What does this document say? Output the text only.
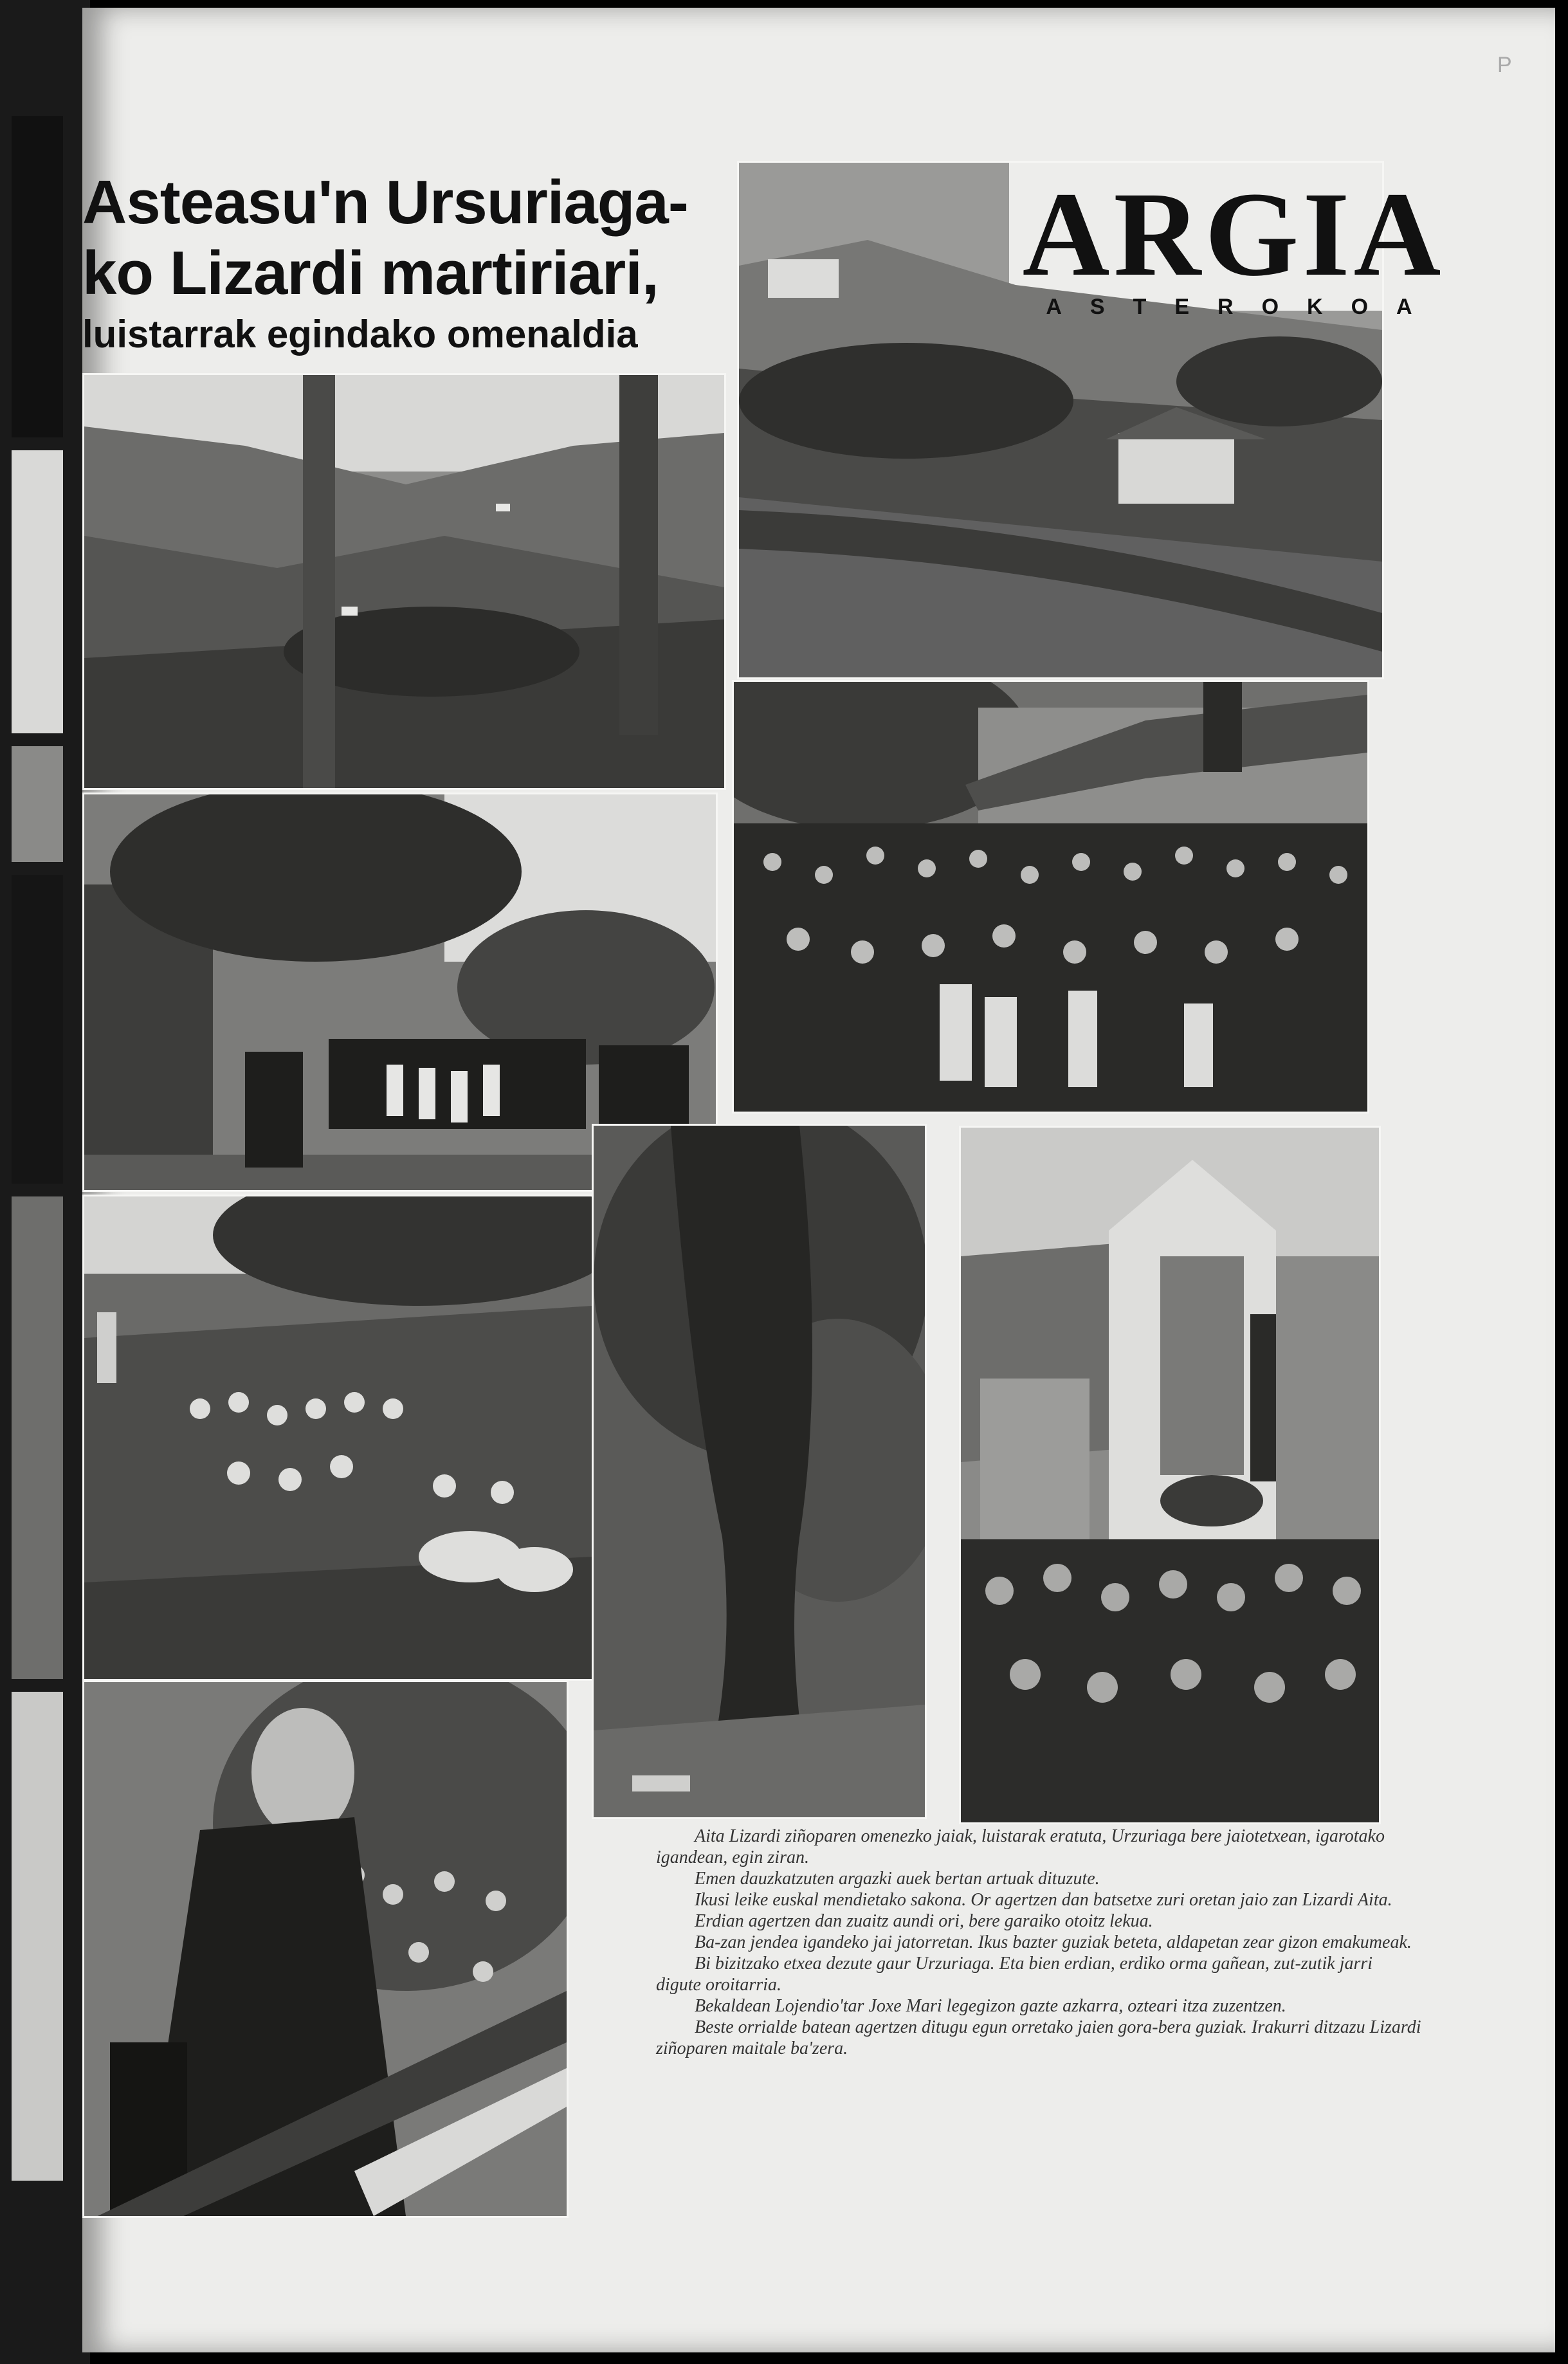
Asteasu'n Ursuriaga-
ko Lizardi martiriari,
luistarrak egindako omenaldia
ARGIA
ASTEROKOA

Aita Lizardi ziñoparen omenezko jaiak, luistarak eratuta, Urzuriaga bere jaiotetxean, igarotako igandean, egin ziran.

Emen dauzkatzuten argazki auek bertan artuak dituzute.

Ikusi leike euskal mendietako sakona. Or agertzen dan batsetxe zuri oretan jaio zan Lizardi Aita.

Erdian agertzen dan zuaitz aundi ori, bere garaiko otoitz lekua.

Ba-zan jendea igandeko jai jatorretan. Ikus bazter guziak beteta, aldapetan zear gizon emakumeak.

Bi bizitzako etxea dezute gaur Urzuriaga. Eta bien erdian, erdiko orma gañean, zut-zutik jarri digute oroitarria.

Bekaldean Lojendio'tar Joxe Mari legegizon gazte azkarra, ozteari itza zuzentzen.

Beste orrialde batean agertzen ditugu egun orretako jaien gora-bera guziak. Irakurri ditzazu Lizardi ziñoparen maitale ba'zera.

P
